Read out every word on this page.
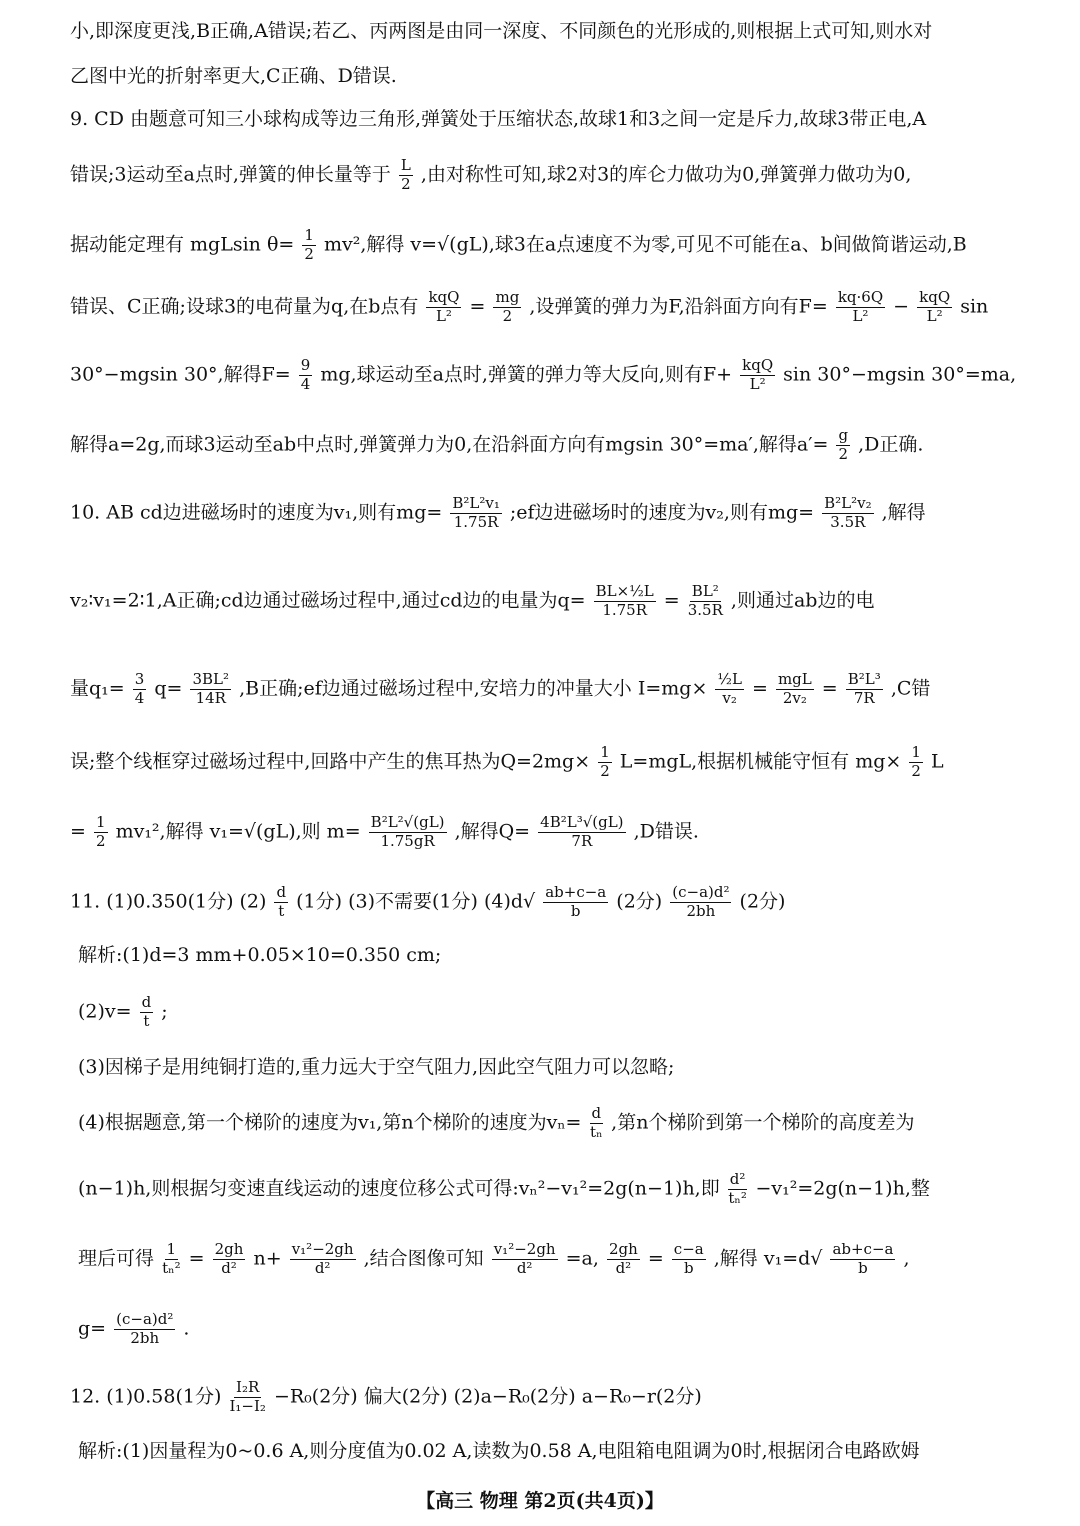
小,即深度更浅,B正确,A错误;若乙、丙两图是由同一深度、不同颜色的光形成的,则根据上式可知,则水对
乙图中光的折射率更大,C正确、D错误.
9. CD 由题意可知三小球构成等边三角形,弹簧处于压缩状态,故球1和3之间一定是斥力,故球3带正电,A
错误;3运动至a点时,弹簧的伸长量等于 $\frac{L}{2}$ ,由对称性可知,球2对3的库仑力做功为0,弹簧弹力做功为0,
据动能定理有 mgLsin $\theta= \frac{1}{2} mv^2$,解得 v=√(gL),球3在a点速度不为零,可见不可能在a、b间做简谐运动,B
错误、C正确;设球3的电荷量为q,在b点有 kqQ
$L^2 = \frac{mg}{2}$ ,设弹簧的弹力为F,沿斜面方向有$F= \frac{kq\cdot 6Q}{\text{L²}}$ − kqQ
L² sin
30°−mgsin 30°,解得$F= \frac{9}{4}$ mg,球运动至a点时,弹簧的弹力等大反向,则有F+ kqQ
L² sin 30°−mgsin 30°=ma,
解得a=2g,而球3运动至ab中点时,弹簧弹力为0,在沿斜面方向有mgsin 30°=ma′,解得$a'= \frac{g}{2} ,D$正确.
10. AB cd边进磁场时的速度为v₁,则有$mg= \frac{\text{B²L²v₁}}{1.75R}$ ;ef边进磁场时的速度为v₂,则有$mg= \frac{\text{B²L²v₂}}{3.5R}$ ,解得
v₂∶v₁=2∶1,A正确;cd边通过磁场过程中,通过cd边的电量为$q= \frac{\text{BL×½L}}{1.75R} = \frac{\text{BL²}}{3.5R}$ ,则通过ab边的电
量$q_1= \frac{3}{4} q= \frac{\text{3BL²}}{14R} ,B$正确;ef边通过磁场过程中,安培力的冲量大小 $I=mg\times \frac{\text{½L}}{\text{v₂}}$ = mgL
$2v_2 = \frac{\text{B²L³}}{7R} ,C$错
误;整个线框穿过磁场过程中,回路中产生的焦耳热为$Q=2mg\times \frac{1}{2} L=mgL$,根据机械能守恒有 $mg\times \frac{1}{2}$ L
= $\frac{1}{2} mv_1^2$,解得 v₁=√(gL),则 $m= \frac{\text{B²L²√(gL)}}{1.75gR}$ ,解得$Q= \frac{\text{4B²L³√(gL)}}{7R} ,D$错误.
11. (1)0.350(1分) $(2) \frac{d}{t} (1$分) (3)不需要(1分) $(4)d√ \frac{ab+c-a}{b} (2$分) $\frac{\text{(c−a)d²}}{2bh} (2$分)
解析:(1)d=3 mm+0.05×10=0.350 cm;
$(2)v= \frac{d}{t}$ ;
(3)因梯子是用纯铜打造的,重力远大于空气阻力,因此空气阻力可以忽略;
(4)根据题意,第一个梯阶的速度为v₁,第n个梯阶的速度为$v_n= \frac{d}{\text{tₙ}}$ ,第n个梯阶到第一个梯阶的高度差为
(n−1)h,则根据匀变速直线运动的速度位移公式可得:vₙ²−v₁²=2g(n−1)h,即 $\frac{\text{d²}}{\text{tₙ²}} -v_1^2=2g(n-1)h$,整
理后可得 $\frac{1}{\text{tₙ²}} = \frac{2gh}{\text{d²}} n+ \frac{\text{v₁²−2gh}}{\text{d²}}$ ,结合图像可知 $\frac{\text{v₁²−2gh}}{\text{d²}} =a$, $\frac{2gh}{\text{d²}} = \frac{c-a}{b}$ ,解得 $v_1=d√ \frac{ab+c-a}{b}$ ,
$g= \frac{\text{(c−a)d²}}{2bh}$ .
12. (1)0.58(1分) $\frac{\text{I₂R}}{\text{I₁−I₂}} -R_0(2$分) 偏大(2分) (2)a−R₀(2分) a−R₀−r(2分)
解析:(1)因量程为0~0.6 A,则分度值为0.02 A,读数为0.58 A,电阻箱电阻调为0时,根据闭合电路欧姆
【高三 物理 第2页(共4页)】
